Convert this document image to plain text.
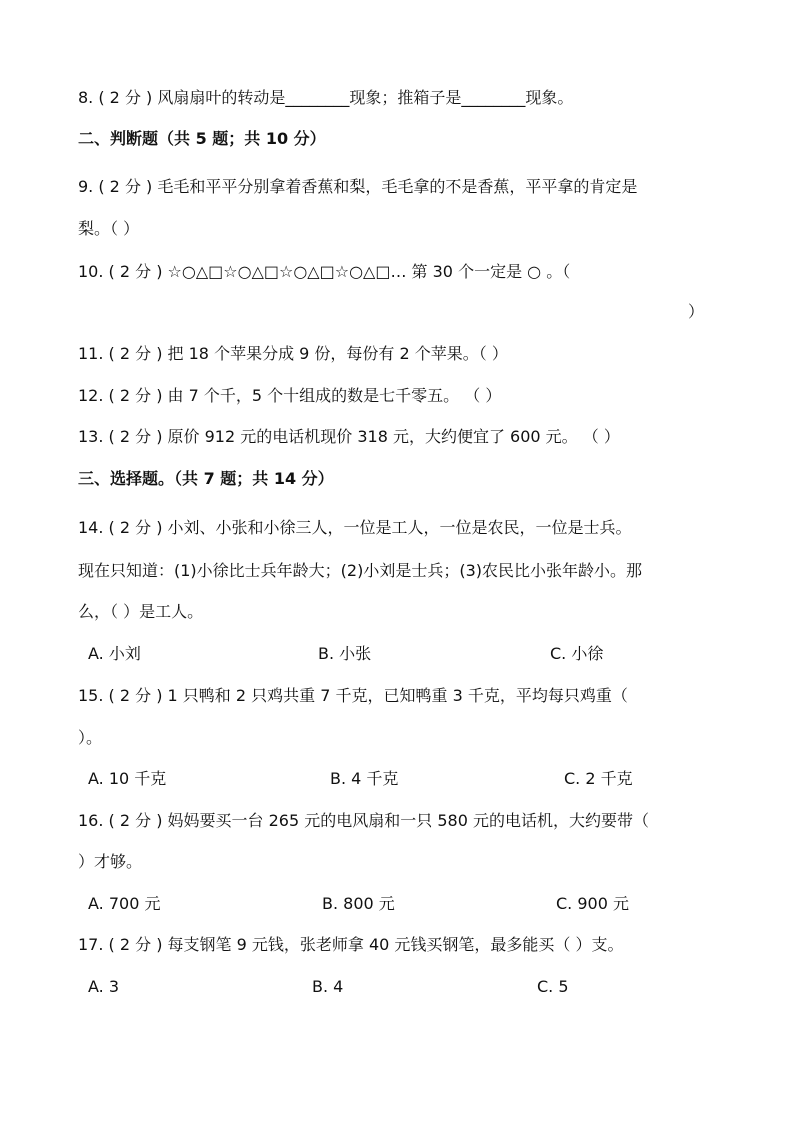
8. ( 2 分 ) 风扇扇叶的转动是________现象；推箱子是________现象。
二、判断题（共 5 题；共 10 分）
9. ( 2 分 ) 毛毛和平平分别拿着香蕉和梨，毛毛拿的不是香蕉，平平拿的肯定是
梨。（ ）
10. ( 2 分 ) ☆○△□☆○△□☆○△□☆○△□… 第 30 个一定是 ○ 。（
）
11. ( 2 分 ) 把 18 个苹果分成 9 份，每份有 2 个苹果。（ ）
12. ( 2 分 ) 由 7 个千，5 个十组成的数是七千零五。 （ ）
13. ( 2 分 ) 原价 912 元的电话机现价 318 元，大约便宜了 600 元。 （ ）
三、选择题。（共 7 题；共 14 分）
14. ( 2 分 ) 小刘、小张和小徐三人，一位是工人，一位是农民，一位是士兵。
现在只知道：(1)小徐比士兵年龄大；(2)小刘是士兵；(3)农民比小张年龄小。那
么，（ ）是工人。
A. 小刘	B. 小张	C. 小徐
15. ( 2 分 ) 1 只鸭和 2 只鸡共重 7 千克，已知鸭重 3 千克，平均每只鸡重（
）。
A. 10 千克	B. 4 千克	C. 2 千克
16. ( 2 分 ) 妈妈要买一台 265 元的电风扇和一只 580 元的电话机，大约要带（
）才够。
A. 700 元	B. 800 元	C. 900 元
17. ( 2 分 ) 每支钢笔 9 元钱，张老师拿 40 元钱买钢笔，最多能买（ ）支。
A. 3	B. 4	C. 5
